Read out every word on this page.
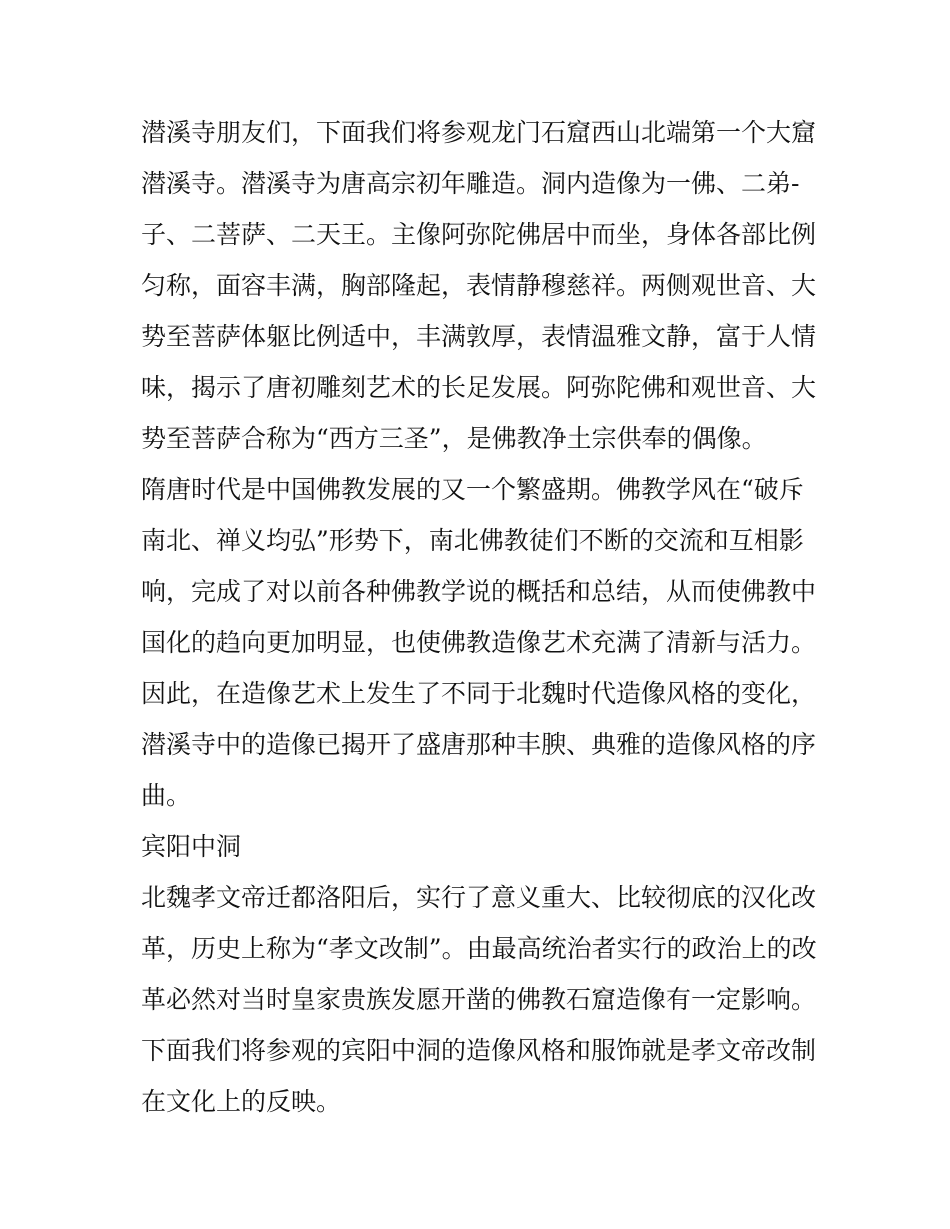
潜溪寺朋友们，下面我们将参观龙门石窟西山北端第一个大窟
潜溪寺。潜溪寺为唐高宗初年雕造。洞内造像为一佛、二弟-
子、二菩萨、二天王。主像阿弥陀佛居中而坐，身体各部比例
匀称，面容丰满，胸部隆起，表情静穆慈祥。两侧观世音、大
势至菩萨体躯比例适中，丰满敦厚，表情温雅文静，富于人情
味，揭示了唐初雕刻艺术的长足发展。阿弥陀佛和观世音、大
势至菩萨合称为“西方三圣”，是佛教净土宗供奉的偶像。
隋唐时代是中国佛教发展的又一个繁盛期。佛教学风在“破斥
南北、禅义均弘”形势下，南北佛教徒们不断的交流和互相影
响，完成了对以前各种佛教学说的概括和总结，从而使佛教中
国化的趋向更加明显，也使佛教造像艺术充满了清新与活力。
因此，在造像艺术上发生了不同于北魏时代造像风格的变化，
潜溪寺中的造像已揭开了盛唐那种丰腴、典雅的造像风格的序
曲。
宾阳中洞
北魏孝文帝迁都洛阳后，实行了意义重大、比较彻底的汉化改
革，历史上称为“孝文改制”。由最高统治者实行的政治上的改
革必然对当时皇家贵族发愿开凿的佛教石窟造像有一定影响。
下面我们将参观的宾阳中洞的造像风格和服饰就是孝文帝改制
在文化上的反映。
